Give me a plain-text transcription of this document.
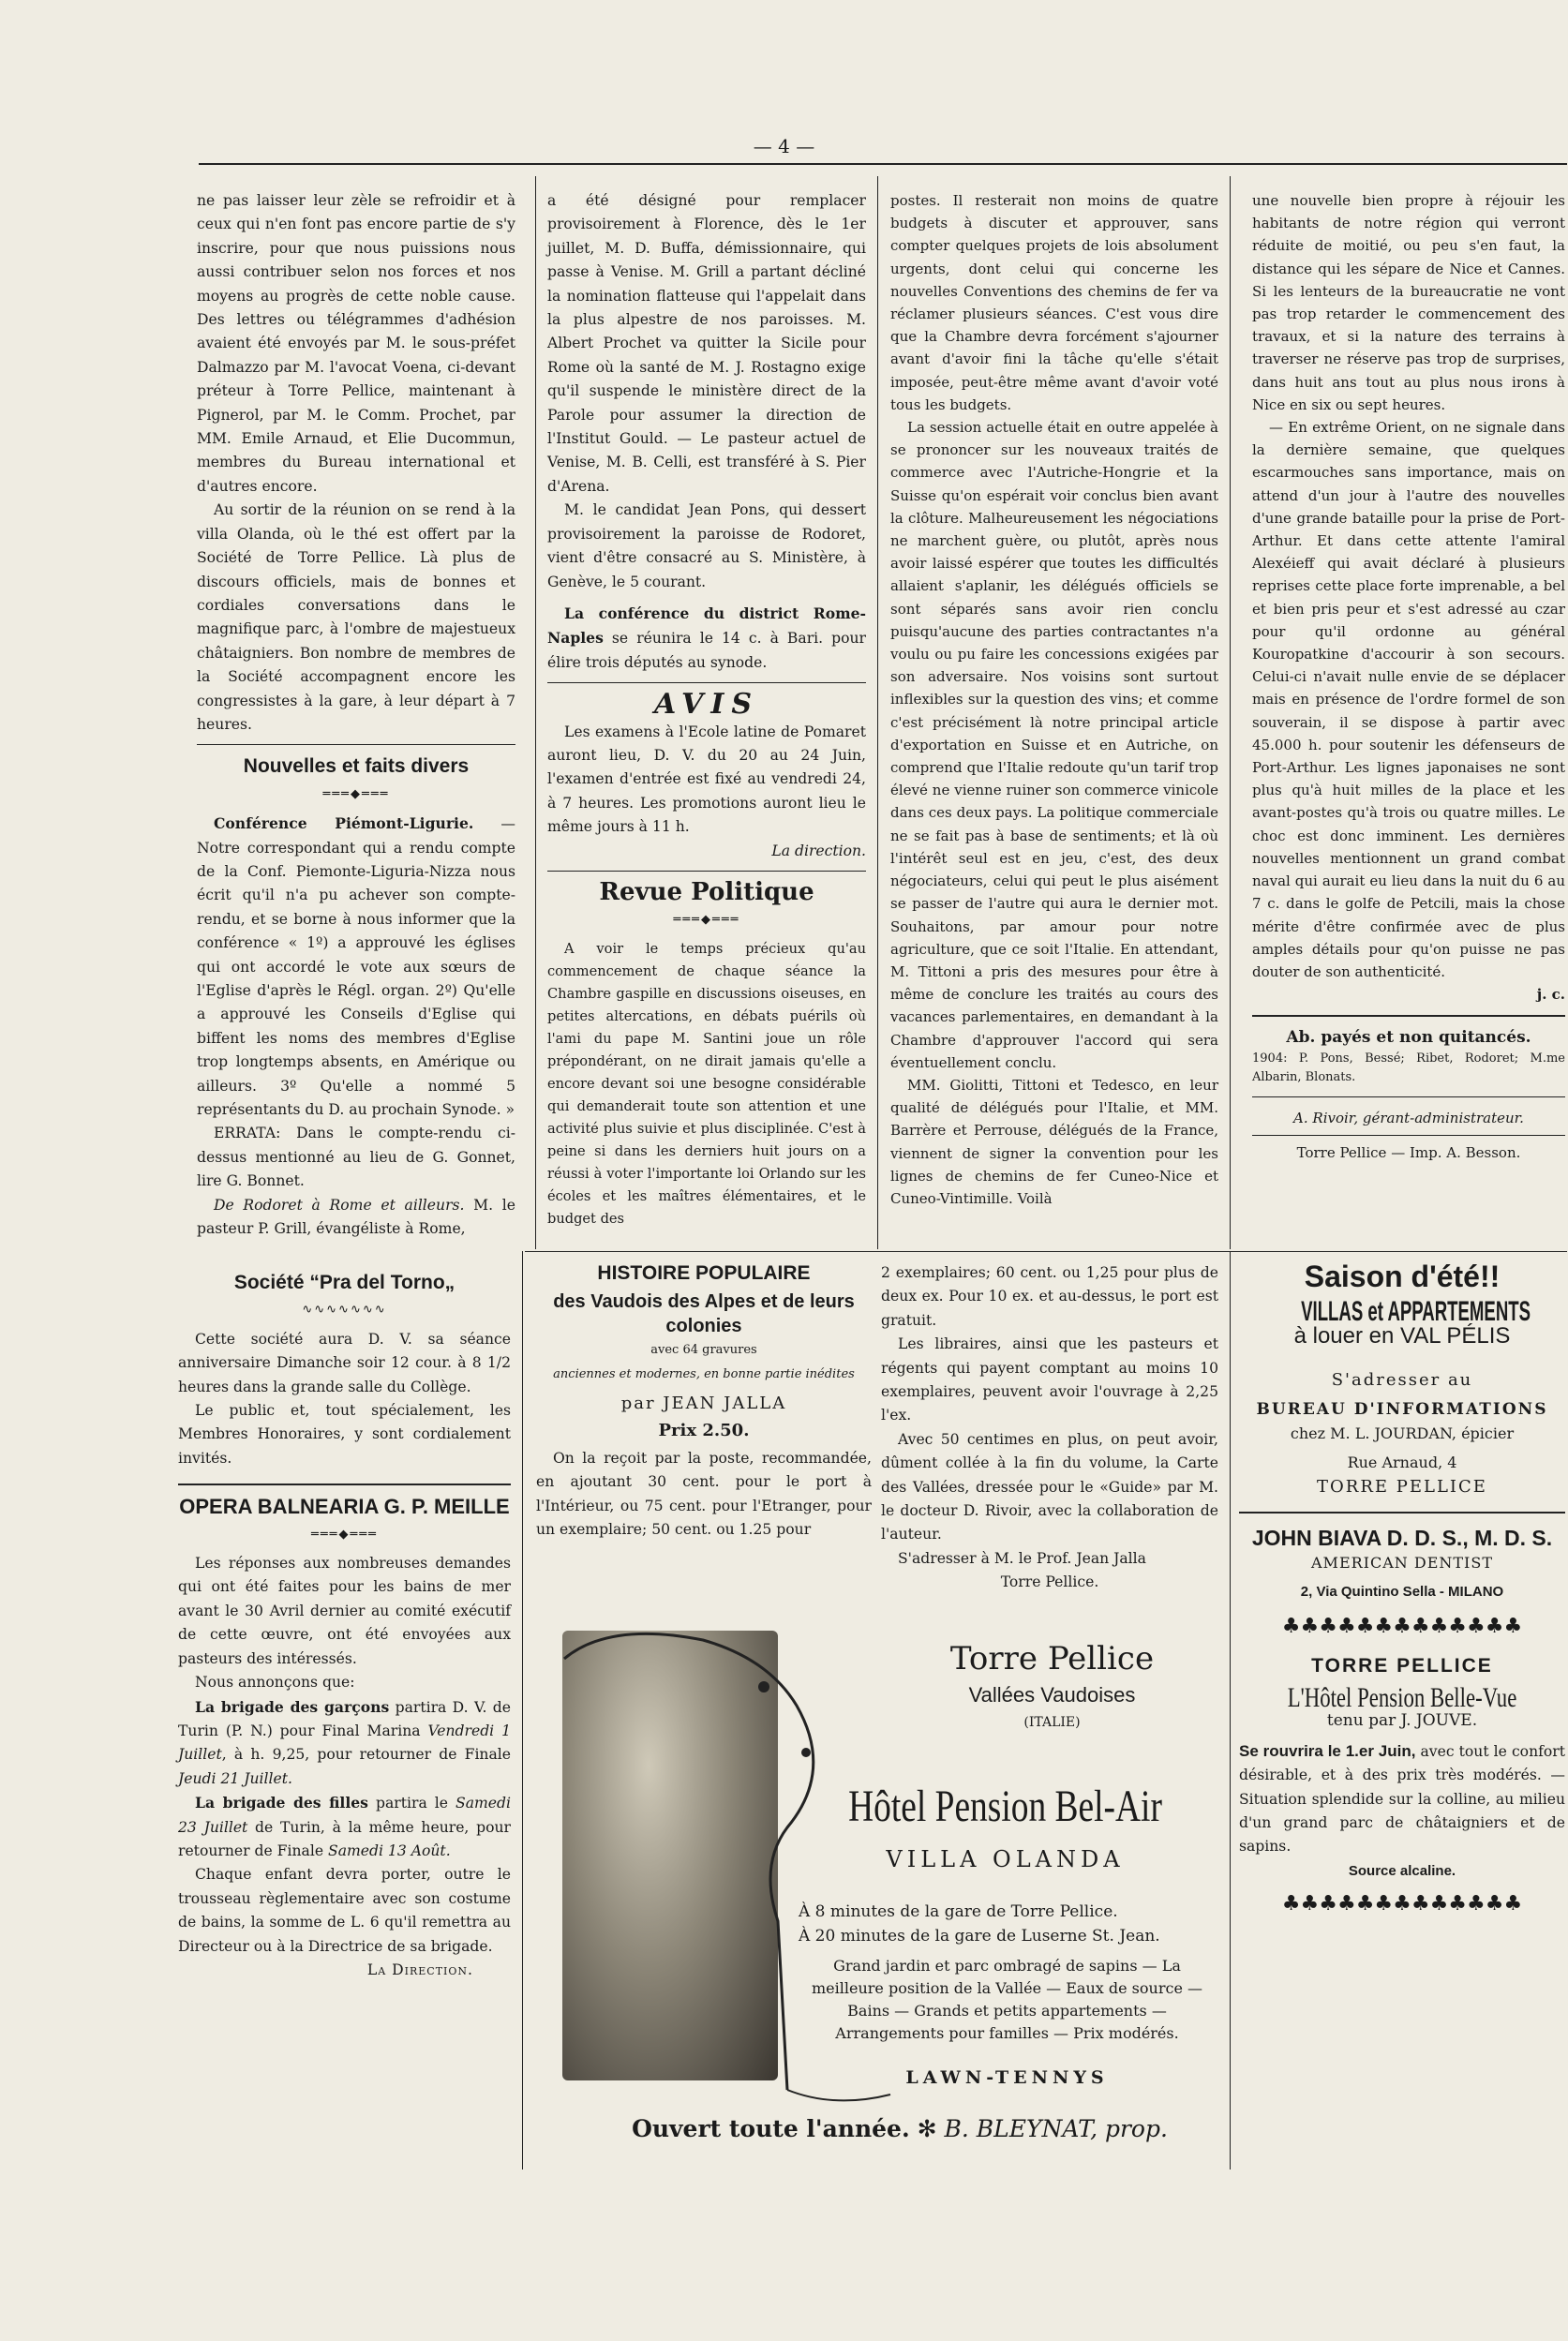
— 4 —

ne pas laisser leur zèle se refroidir et à ceux qui n'en font pas encore partie de s'y inscrire, pour que nous puissions nous aussi contribuer selon nos forces et nos moyens au progrès de cette noble cause. Des lettres ou télégrammes d'adhésion avaient été envoyés par M. le sous-préfet Dalmazzo par M. l'avocat Voena, ci-devant préteur à Torre Pellice, maintenant à Pignerol, par M. le Comm. Prochet, par MM. Emile Arnaud, et Elie Ducommun, membres du Bureau international et d'autres encore.

Au sortir de la réunion on se rend à la villa Olanda, où le thé est offert par la Société de Torre Pellice. Là plus de discours officiels, mais de bonnes et cordiales conversations dans le magnifique parc, à l'ombre de majestueux châtaigniers. Bon nombre de membres de la Société accompagnent encore les congressistes à la gare, à leur départ à 7 heures.

Nouvelles et faits divers
═══◆═══

Conférence Piémont-Ligurie. — Notre correspondant qui a rendu compte de la Conf. Piemonte-Liguria-Nizza nous écrit qu'il n'a pu achever son compte-rendu, et se borne à nous informer que la conférence « 1º) a approuvé les églises qui ont accordé le vote aux sœurs de l'Eglise d'après le Régl. organ. 2º) Qu'elle a approuvé les Conseils d'Eglise qui biffent les noms des membres d'Eglise trop longtemps absents, en Amérique ou ailleurs. 3º Qu'elle a nommé 5 représentants du D. au prochain Synode. »

ERRATA: Dans le compte-rendu ci-dessus mentionné au lieu de G. Gonnet, lire G. Bonnet.

De Rodoret à Rome et ailleurs. M. le pasteur P. Grill, évangéliste à Rome,

a été désigné pour remplacer provisoirement à Florence, dès le 1er juillet, M. D. Buffa, démissionnaire, qui passe à Venise. M. Grill a partant décliné la nomination flatteuse qui l'appelait dans la plus alpestre de nos paroisses. M. Albert Prochet va quitter la Sicile pour Rome où la santé de M. J. Rostagno exige qu'il suspende le ministère direct de la Parole pour assumer la direction de l'Institut Gould. — Le pasteur actuel de Venise, M. B. Celli, est transféré à S. Pier d'Arena.

M. le candidat Jean Pons, qui dessert provisoirement la paroisse de Rodoret, vient d'être consacré au S. Ministère, à Genève, le 5 courant.

La conférence du district Rome-Naples se réunira le 14 c. à Bari. pour élire trois députés au synode.

AVIS

Les examens à l'Ecole latine de Pomaret auront lieu, D. V. du 20 au 24 Juin, l'examen d'entrée est fixé au vendredi 24, à 7 heures. Les promotions auront lieu le même jours à 11 h.

La direction.
Revue Politique
═══◆═══

A voir le temps précieux qu'au commencement de chaque séance la Chambre gaspille en discussions oiseuses, en petites altercations, en débats puérils où l'ami du pape M. Santini joue un rôle prépondérant, on ne dirait jamais qu'elle a encore devant soi une besogne considérable qui demanderait toute son attention et une activité plus suivie et plus disciplinée. C'est à peine si dans les derniers huit jours on a réussi à voter l'importante loi Orlando sur les écoles et les maîtres élémentaires, et le budget des

postes. Il resterait non moins de quatre budgets à discuter et approuver, sans compter quelques projets de lois absolument urgents, dont celui qui concerne les nouvelles Conventions des chemins de fer va réclamer plusieurs séances. C'est vous dire que la Chambre devra forcément s'ajourner avant d'avoir fini la tâche qu'elle s'était imposée, peut-être même avant d'avoir voté tous les budgets.

La session actuelle était en outre appelée à se prononcer sur les nouveaux traités de commerce avec l'Autriche-Hongrie et la Suisse qu'on espérait voir conclus bien avant la clôture. Malheureusement les négociations ne marchent guère, ou plutôt, après nous avoir laissé espérer que toutes les difficultés allaient s'aplanir, les délégués officiels se sont séparés sans avoir rien conclu puisqu'aucune des parties contractantes n'a voulu ou pu faire les concessions exigées par son adversaire. Nos voisins sont surtout inflexibles sur la question des vins; et comme c'est précisément là notre principal article d'exportation en Suisse et en Autriche, on comprend que l'Italie redoute qu'un tarif trop élevé ne vienne ruiner son commerce vinicole dans ces deux pays. La politique commerciale ne se fait pas à base de sentiments; et là où l'intérêt seul est en jeu, c'est, des deux négociateurs, celui qui peut le plus aisément se passer de l'autre qui aura le dernier mot. Souhaitons, par amour pour notre agriculture, que ce soit l'Italie. En attendant, M. Tittoni a pris des mesures pour être à même de conclure les traités au cours des vacances parlementaires, en demandant à la Chambre d'approuver l'accord qui sera éventuellement conclu.

MM. Giolitti, Tittoni et Tedesco, en leur qualité de délégués pour l'Italie, et MM. Barrère et Perrouse, délégués de la France, viennent de signer la convention pour les lignes de chemins de fer Cuneo-Nice et Cuneo-Vintimille. Voilà

une nouvelle bien propre à réjouir les habitants de notre région qui verront réduite de moitié, ou peu s'en faut, la distance qui les sépare de Nice et Cannes. Si les lenteurs de la bureaucratie ne vont pas trop retarder le commencement des travaux, et si la nature des terrains à traverser ne réserve pas trop de surprises, dans huit ans tout au plus nous irons à Nice en six ou sept heures.

— En extrême Orient, on ne signale dans la dernière semaine, que quelques escarmouches sans importance, mais on attend d'un jour à l'autre des nouvelles d'une grande bataille pour la prise de Port-Arthur. Et dans cette attente l'amiral Alexéieff qui avait déclaré à plusieurs reprises cette place forte imprenable, a bel et bien pris peur et s'est adressé au czar pour qu'il ordonne au général Kouropatkine d'accourir à son secours. Celui-ci n'avait nulle envie de se déplacer mais en présence de l'ordre formel de son souverain, il se dispose à partir avec 45.000 h. pour soutenir les défenseurs de Port-Arthur. Les lignes japonaises ne sont plus qu'à huit milles de la place et les avant-postes qu'à trois ou quatre milles. Le choc est donc imminent. Les dernières nouvelles mentionnent un grand combat naval qui aurait eu lieu dans la nuit du 6 au 7 c. dans le golfe de Petcili, mais la chose mérite d'être confirmée avec de plus amples détails pour qu'on puisse ne pas douter de son authenticité.

j. c.
Ab. payés et non quitancés.

1904: P. Pons, Bessé; Ribet, Rodoret; M.me Albarin, Blonats.

A. Rivoir, gérant-administrateur.
Torre Pellice — Imp. A. Besson.
Société “Pra del Torno„
∿∿∿∿∿∿∿

Cette société aura D. V. sa séance anniversaire Dimanche soir 12 cour. à 8 1/2 heures dans la grande salle du Collège.

Le public et, tout spécialement, les Membres Honoraires, y sont cordialement invités.

OPERA BALNEARIA G. P. MEILLE
═══◆═══

Les réponses aux nombreuses demandes qui ont été faites pour les bains de mer avant le 30 Avril dernier au comité exécutif de cette œuvre, ont été envoyées aux pasteurs des intéressés.

Nous annonçons que:

La brigade des garçons partira D. V. de Turin (P. N.) pour Final Marina Vendredi 1 Juillet, à h. 9,25, pour retourner de Finale Jeudi 21 Juillet.

La brigade des filles partira le Samedi 23 Juillet de Turin, à la même heure, pour retourner de Finale Samedi 13 Août.

Chaque enfant devra porter, outre le trousseau règlementaire avec son costume de bains, la somme de L. 6 qu'il remettra au Directeur ou à la Directrice de sa brigade.

La Direction.
HISTOIRE POPULAIRE
des Vaudois des Alpes et de leurs colonies
avec 64 gravures
anciennes et modernes, en bonne partie inédites
par JEAN JALLA
Prix 2.50.

On la reçoit par la poste, recommandée, en ajoutant 30 cent. pour le port à l'Intérieur, ou 75 cent. pour l'Etranger, pour un exemplaire; 50 cent. ou 1.25 pour

2 exemplaires; 60 cent. ou 1,25 pour plus de deux ex. Pour 10 ex. et au-dessus, le port est gratuit.

Les libraires, ainsi que les pasteurs et régents qui payent comptant au moins 10 exemplaires, peuvent avoir l'ouvrage à 2,25 l'ex.

Avec 50 centimes en plus, on peut avoir, dûment collée à la fin du volume, la Carte des Vallées, dressée pour le «Guide» par M. le docteur D. Rivoir, avec la collaboration de l'auteur.

S'adresser à M. le Prof. Jean Jalla

Torre Pellice.
Torre Pellice
Vallées Vaudoises
(ITALIE)
Hôtel Pension Bel-Air
VILLA OLANDA
À 8 minutes de la gare de Torre Pellice.
À 20 minutes de la gare de Luserne St. Jean.
Grand jardin et parc ombragé de sapins — La meilleure position de la Vallée — Eaux de source — Bains — Grands et petits appartements — Arrangements pour familles — Prix modérés.
LAWN-TENNYS
Ouvert toute l'année. ✻ B. BLEYNAT, prop.
Saison d'été!!
VILLAS et APPARTEMENTS
à louer en VAL PÉLIS
S'adresser au
BUREAU D'INFORMATIONS
chez M. L. JOURDAN, épicier
Rue Arnaud, 4
TORRE PELLICE
JOHN BIAVA D. D. S., M. D. S.
AMERICAN DENTIST
2, Via Quintino Sella - MILANO
♣♣♣♣♣♣♣♣♣♣♣♣♣
TORRE PELLICE
L'Hôtel Pension Belle-Vue
tenu par J. JOUVE.

Se rouvrira le 1.er Juin, avec tout le confort désirable, et à des prix très modérés. — Situation splendide sur la colline, au milieu d'un grand parc de châtaigniers et de sapins.

Source alcaline.
♣♣♣♣♣♣♣♣♣♣♣♣♣
